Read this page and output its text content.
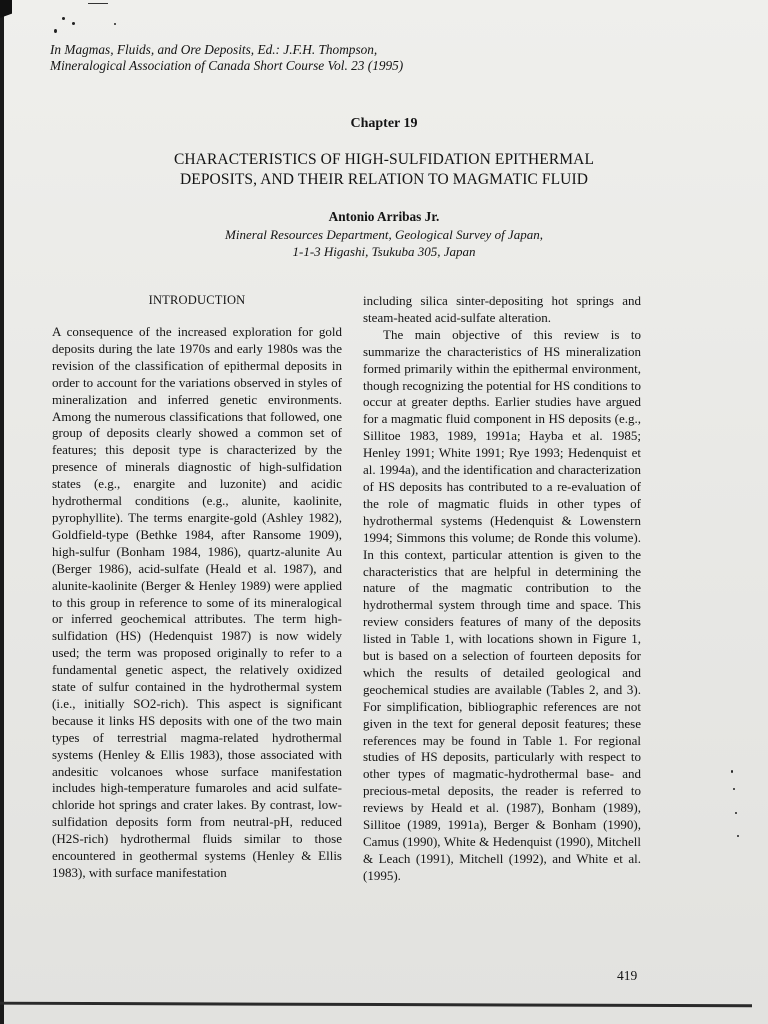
In Magmas, Fluids, and Ore Deposits, Ed.: J.F.H. Thompson,
Mineralogical Association of Canada Short Course Vol. 23 (1995)
Chapter 19
CHARACTERISTICS OF HIGH-SULFIDATION EPITHERMAL
DEPOSITS, AND THEIR RELATION TO MAGMATIC FLUID
Antonio Arribas Jr.
Mineral Resources Department, Geological Survey of Japan,
1-1-3 Higashi, Tsukuba 305, Japan
INTRODUCTION

A consequence of the increased exploration for gold deposits during the late 1970s and early 1980s was the revision of the classification of epithermal deposits in order to account for the variations observed in styles of mineralization and inferred genetic environments. Among the numerous classifications that followed, one group of deposits clearly showed a common set of features; this deposit type is characterized by the presence of minerals diagnostic of high-sulfidation states (e.g., enargite and luzonite) and acidic hydrothermal conditions (e.g., alunite, kaolinite, pyrophyllite). The terms enargite-gold (Ashley 1982), Goldfield-type (Bethke 1984, after Ransome 1909), high-sulfur (Bonham 1984, 1986), quartz-alunite Au (Berger 1986), acid-sulfate (Heald et al. 1987), and alunite-kaolinite (Berger & Henley 1989) were applied to this group in reference to some of its mineralogical or inferred geochemical attributes. The term high-sulfidation (HS) (Hedenquist 1987) is now widely used; the term was proposed originally to refer to a fundamental genetic aspect, the relatively oxidized state of sulfur contained in the hydrothermal system (i.e., initially SO2-rich). This aspect is significant because it links HS deposits with one of the two main types of terrestrial magma-related hydrothermal systems (Henley & Ellis 1983), those associated with andesitic volcanoes whose surface manifestation includes high-temperature fumaroles and acid sulfate-chloride hot springs and crater lakes. By contrast, low-sulfidation deposits form from neutral-pH, reduced (H2S-rich) hydrothermal fluids similar to those encountered in geothermal systems (Henley & Ellis 1983), with surface manifestation

including silica sinter-depositing hot springs and steam-heated acid-sulfate alteration.

The main objective of this review is to summarize the characteristics of HS mineralization formed primarily within the epithermal environment, though recognizing the potential for HS conditions to occur at greater depths. Earlier studies have argued for a magmatic fluid component in HS deposits (e.g., Sillitoe 1983, 1989, 1991a; Hayba et al. 1985; Henley 1991; White 1991; Rye 1993; Hedenquist et al. 1994a), and the identification and characterization of HS deposits has contributed to a re-evaluation of the role of magmatic fluids in other types of hydrothermal systems (Hedenquist & Lowenstern 1994; Simmons this volume; de Ronde this volume). In this context, particular attention is given to the characteristics that are helpful in determining the nature of the magmatic contribution to the hydrothermal system through time and space. This review considers features of many of the deposits listed in Table 1, with locations shown in Figure 1, but is based on a selection of fourteen deposits for which the results of detailed geological and geochemical studies are available (Tables 2, and 3). For simplification, bibliographic references are not given in the text for general deposit features; these references may be found in Table 1. For regional studies of HS deposits, particularly with respect to other types of magmatic-hydrothermal base- and precious-metal deposits, the reader is referred to reviews by Heald et al. (1987), Bonham (1989), Sillitoe (1989, 1991a), Berger & Bonham (1990), Camus (1990), White & Hedenquist (1990), Mitchell & Leach (1991), Mitchell (1992), and White et al. (1995).

419
